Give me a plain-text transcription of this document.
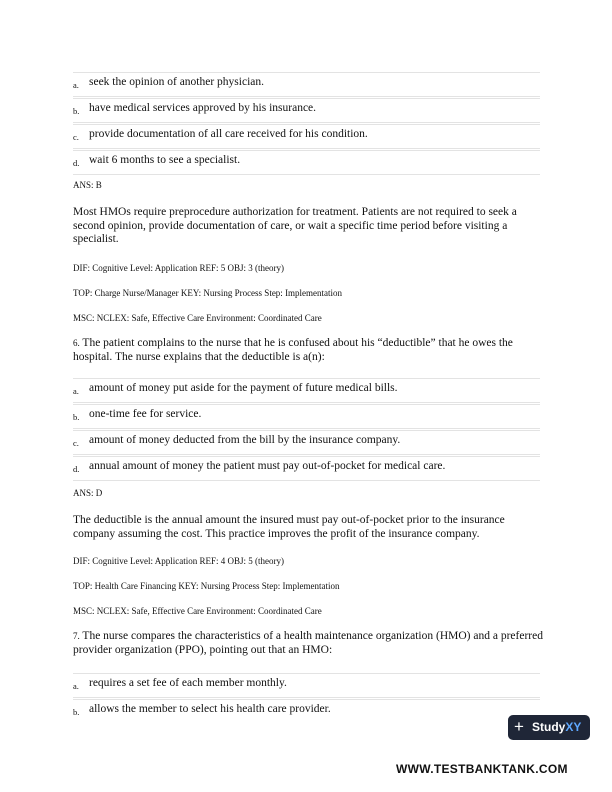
a. seek the opinion of another physician.
b. have medical services approved by his insurance.
c. provide documentation of all care received for his condition.
d. wait 6 months to see a specialist.
ANS: B
Most HMOs require preprocedure authorization for treatment. Patients are not required to seek a second opinion, provide documentation of care, or wait a specific time period before visiting a specialist.
DIF: Cognitive Level: Application REF: 5 OBJ: 3 (theory)
TOP: Charge Nurse/Manager KEY: Nursing Process Step: Implementation
MSC: NCLEX: Safe, Effective Care Environment: Coordinated Care
6. The patient complains to the nurse that he is confused about his “deductible” that he owes the hospital. The nurse explains that the deductible is a(n):
a. amount of money put aside for the payment of future medical bills.
b. one-time fee for service.
c. amount of money deducted from the bill by the insurance company.
d. annual amount of money the patient must pay out-of-pocket for medical care.
ANS: D
The deductible is the annual amount the insured must pay out-of-pocket prior to the insurance company assuming the cost. This practice improves the profit of the insurance company.
DIF: Cognitive Level: Application REF: 4 OBJ: 5 (theory)
TOP: Health Care Financing KEY: Nursing Process Step: Implementation
MSC: NCLEX: Safe, Effective Care Environment: Coordinated Care
7. The nurse compares the characteristics of a health maintenance organization (HMO) and a preferred provider organization (PPO), pointing out that an HMO:
a. requires a set fee of each member monthly.
b. allows the member to select his health care provider.
+ StudyXY
WWW.TESTBANKTANK.COM
